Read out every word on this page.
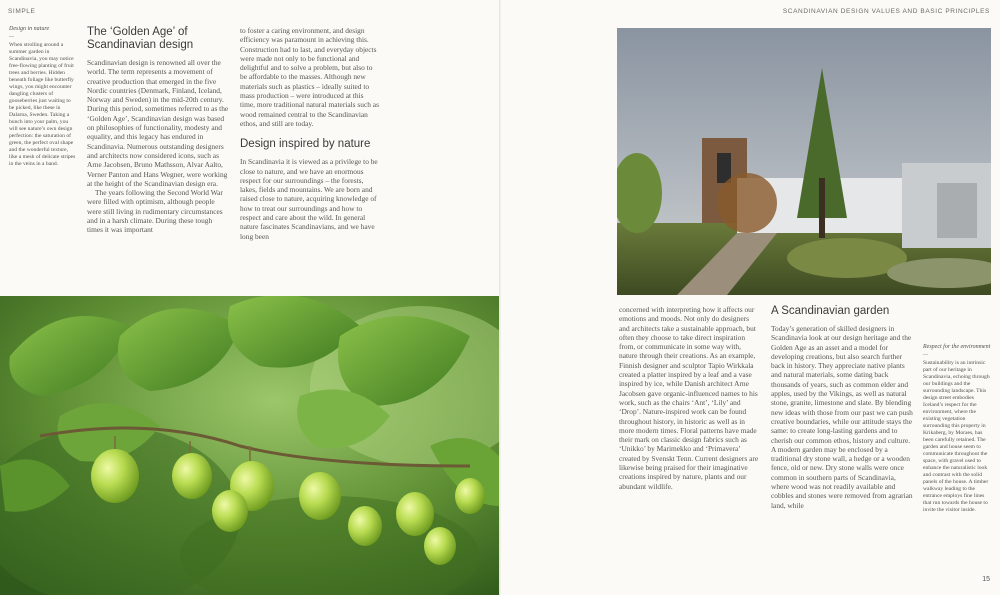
SIMPLE	SCANDINAVIAN DESIGN VALUES AND BASIC PRINCIPLES
Design in nature
—
When strolling around a summer garden in Scandinavia, you may notice free-flowing planting of fruit trees and berries. Hidden beneath foliage like butterfly wings, you might encounter dangling clusters of gooseberries just waiting to be picked, like these in Dalarna, Sweden. Taking a bunch into your palm, you will see nature’s own design perfection: the saturation of green, the perfect oval shape and the wonderful texture, like a mesh of delicate stripes in the veins in a band.
The ‘Golden Age’ of Scandinavian design

Scandinavian design is renowned all over the world. The term represents a movement of creative production that emerged in the five Nordic countries (Denmark, Finland, Iceland, Norway and Sweden) in the mid-20th century. During this period, sometimes referred to as the ‘Golden Age’, Scandinavian design was based on philosophies of functionality, modesty and equality, and this legacy has endured in Scandinavia. Numerous outstanding designers and architects now considered icons, such as Arne Jacobsen, Bruno Mathsson, Alvar Aalto, Verner Panton and Hans Wegner, were working at the height of the Scandinavian design era.

The years following the Second World War were filled with optimism, although people were still living in rudimentary circumstances and in a harsh climate. During these tough times it was important

to foster a caring environment, and design efficiency was paramount in achieving this. Construction had to last, and everyday objects were made not only to be functional and delightful and to solve a problem, but also to be affordable to the masses. Although new materials such as plastics – ideally suited to mass production – were introduced at this time, more traditional natural materials such as wood remained central to the Scandinavian ethos, and still are today.

Design inspired by nature

In Scandinavia it is viewed as a privilege to be close to nature, and we have an enormous respect for our surroundings – the forests, lakes, fields and mountains. We are born and raised close to nature, acquiring knowledge of how to treat our surroundings and how to respect and care about the wild. In general nature fascinates Scandinavians, and we have long been

concerned with interpreting how it affects our emotions and moods. Not only do designers and architects take a sustainable approach, but often they choose to take direct inspiration from, or communicate in some way with, nature through their creations. As an example, Finnish designer and sculptor Tapio Wirkkala created a platter inspired by a leaf and a vase inspired by ice, while Danish architect Arne Jacobsen gave organic-influenced names to his work, such as the chairs ‘Ant’, ‘Lily’ and ‘Drop’. Nature-inspired work can be found throughout history, in historic as well as in more modern times. Floral patterns have made their mark on classic design fabrics such as ‘Unikko’ by Marimekko and ‘Primavera’ created by Svenskt Tenn. Current designers are likewise being praised for their imaginative creations inspired by nature, plants and our abundant wildlife.

A Scandinavian garden

Today’s generation of skilled designers in Scandinavia look at our design heritage and the Golden Age as an asset and a model for developing creations, but also search further back in history. They appreciate native plants and natural materials, some dating back thousands of years, such as common elder and apples, used by the Vikings, as well as natural stone, granite, limestone and slate. By blending new ideas with those from our past we can push creative boundaries, while our attitude stays the same: to create long-lasting gardens and to cherish our common ethos, history and culture. A modern garden may be enclosed by a traditional dry stone wall, a hedge or a wooden fence, old or new. Dry stone walls were once common in southern parts of Scandinavia, where wood was not readily available and cobbles and stones were removed from agrarian land, while

Respect for the environment
—
Sustainability is an intrinsic part of our heritage in Scandinavia, echoing through our buildings and the surrounding landscape. This design street embodies Iceland’s respect for the environment, where the existing vegetation surrounding this property in Krikaberg, by Moraes, has been carefully retained. The garden and house seem to communicate throughout the space, with gravel used to enhance the naturalistic look and contrast with the solid panels of the house. A timber walkway leading to the entrance employs fine lines that run towards the house to invite the visitor inside.
15
